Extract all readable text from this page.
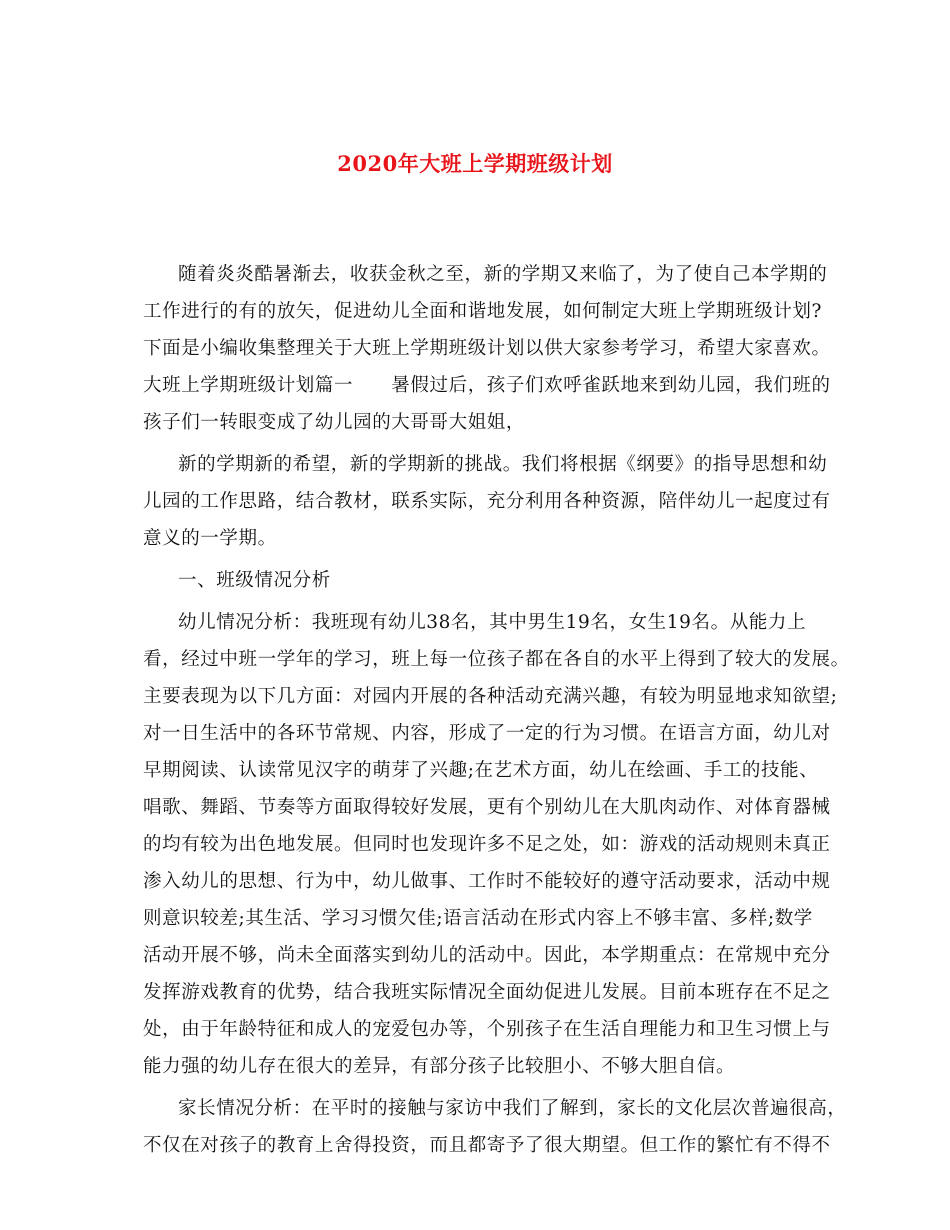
2020年大班上学期班级计划
随着炎炎酷暑渐去，收获金秋之至，新的学期又来临了，为了使自己本学期的
工作进行的有的放矢，促进幼儿全面和谐地发展，如何制定大班上学期班级计划?
下面是小编收集整理关于大班上学期班级计划以供大家参考学习，希望大家喜欢。
大班上学期班级计划篇一　　暑假过后，孩子们欢呼雀跃地来到幼儿园，我们班的
孩子们一转眼变成了幼儿园的大哥哥大姐姐，
新的学期新的希望，新的学期新的挑战。我们将根据《纲要》的指导思想和幼
儿园的工作思路，结合教材，联系实际，充分利用各种资源，陪伴幼儿一起度过有
意义的一学期。
一、班级情况分析
幼儿情况分析：我班现有幼儿38名，其中男生19名，女生19名。从能力上
看，经过中班一学年的学习，班上每一位孩子都在各自的水平上得到了较大的发展。
主要表现为以下几方面：对园内开展的各种活动充满兴趣，有较为明显地求知欲望;
对一日生活中的各环节常规、内容，形成了一定的行为习惯。在语言方面，幼儿对
早期阅读、认读常见汉字的萌芽了兴趣;在艺术方面，幼儿在绘画、手工的技能、
唱歌、舞蹈、节奏等方面取得较好发展，更有个别幼儿在大肌肉动作、对体育器械
的均有较为出色地发展。但同时也发现许多不足之处，如：游戏的活动规则未真正
渗入幼儿的思想、行为中，幼儿做事、工作时不能较好的遵守活动要求，活动中规
则意识较差;其生活、学习习惯欠佳;语言活动在形式内容上不够丰富、多样;数学
活动开展不够，尚未全面落实到幼儿的活动中。因此，本学期重点：在常规中充分
发挥游戏教育的优势，结合我班实际情况全面幼促进儿发展。目前本班存在不足之
处，由于年龄特征和成人的宠爱包办等，个别孩子在生活自理能力和卫生习惯上与
能力强的幼儿存在很大的差异，有部分孩子比较胆小、不够大胆自信。
家长情况分析：在平时的接触与家访中我们了解到，家长的文化层次普遍很高，
不仅在对孩子的教育上舍得投资，而且都寄予了很大期望。但工作的繁忙有不得不
